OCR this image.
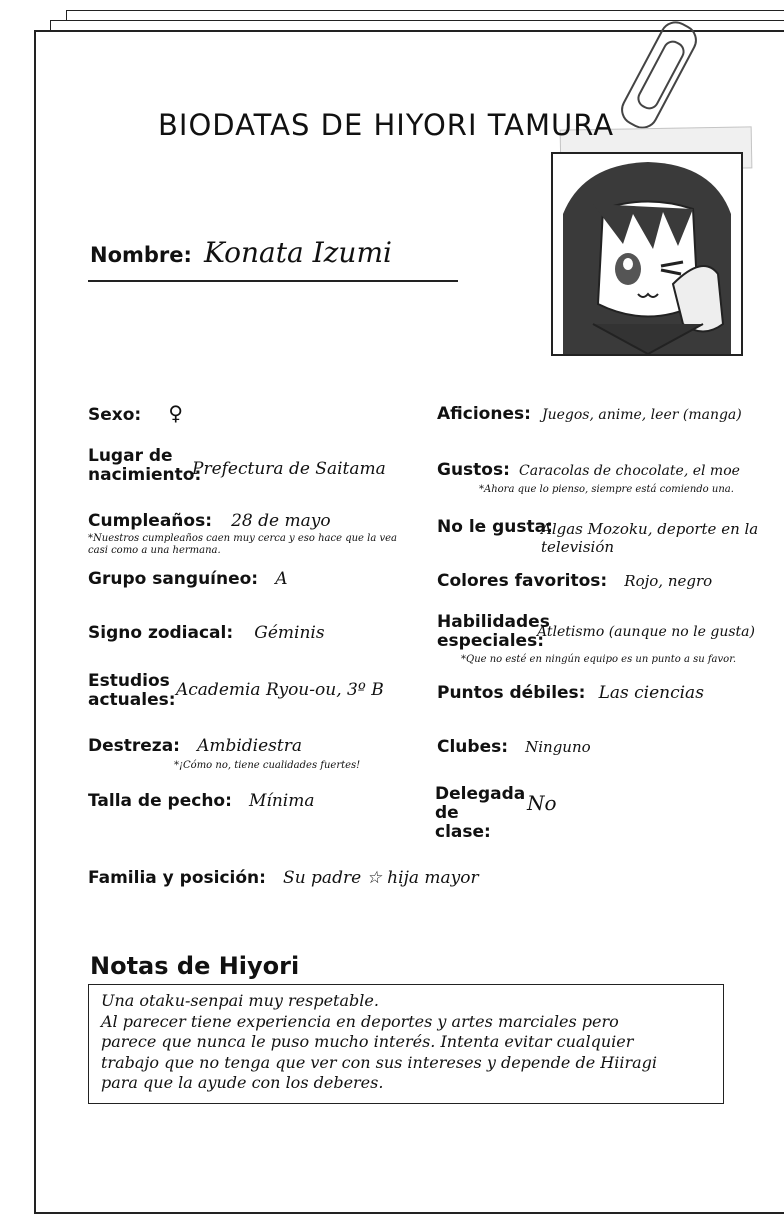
BIODATAS DE HIYORI TAMURA
Nombre: Konata Izumi
Sexo: ♀
Lugar de nacimiento:
Prefectura de Saitama
Cumpleaños: 28 de mayo
*Nuestros cumpleaños caen muy cerca y eso hace que la vea casi como a una hermana.
Grupo sanguíneo: A
Signo zodiacal: Géminis
Estudios actuales: Academia Ryou-ou, 3º B
Destreza: Ambidiestra
*¡Cómo no, tiene cualidades fuertes!
Talla de pecho: Mínima
Familia y posición: Su padre ☆ hija mayor
Aficiones: Juegos, anime, leer (manga)
Gustos: Caracolas de chocolate, el moe
*Ahora que lo pienso, siempre está comiendo una.
No le gusta:
Algas Mozoku, deporte en la televisión
Colores favoritos: Rojo, negro
Habilidades especiales:
Atletismo (aunque no le gusta)
*Que no esté en ningún equipo es un punto a su favor.
Puntos débiles: Las ciencias
Clubes: Ninguno
Delegada de clase:
No
Notas de Hiyori
Una otaku-senpai muy respetable.
Al parecer tiene experiencia en deportes y artes marciales pero
parece que nunca le puso mucho interés. Intenta evitar cualquier
trabajo que no tenga que ver con sus intereses y depende de Hiiragi
para que la ayude con los deberes.
